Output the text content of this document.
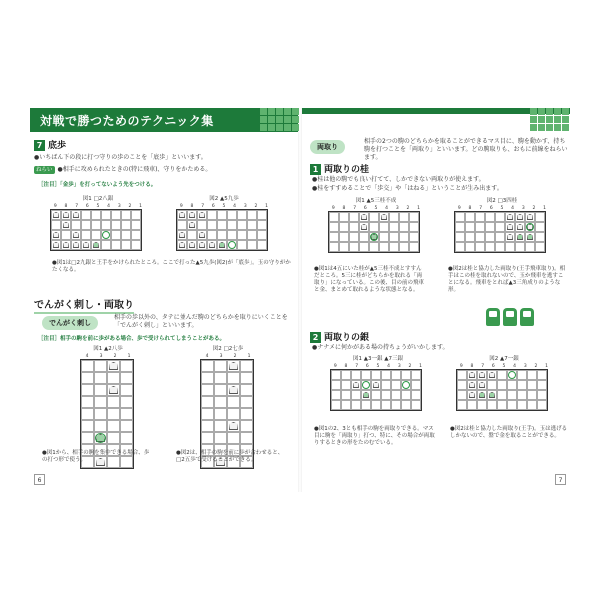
対戦で勝つためのテクニック集
7 底歩
●いちばん下の段に打つ守りの歩のことを「底歩」といいます。
ねらい ●相手に攻められたときの(特に飛車)、守りをかためる。
［注目］「金歩」を打ってないよう先をつける。
図1 □2八銀
9 8 7 6 5 4 3 2 1
図2 ▲5九歩
9 8 7 6 5 4 3 2 1
●図1は□2九銀と王手をかけられたところ。ここで打った▲5九歩(図2)が「底歩」。玉の守りがかたくなる。
でんがく刺し・両取り
でんがく刺し
相手の歩以外の、タテに並んだ駒のどちらかを取りにいくことを「でんがく刺し」といいます。
［注目］相手の駒を前に歩がある場合、歩で受けられてしまうことがある。
図1 ▲2八歩
4 3 2 1
図2 □2七歩
4 3 2 1
●図1から、相手の駒を集中できる場合、歩の打つ形で使う。
●図2は、相手の駒を前に歩が合わせると、□2五歩で受けることができる。
6
相手の2つの駒のどちらかを取ることができるマス目に、駒を動かす、持ち駒を打つことを「両取り」といいます。どの駒取りも、おもに前線をねらいます。
両取り
1 両取りの桂
●桂は他の駒でも良い打てて、しかできない両取りが使えます。
●桂をすすめることで「歩交」や「はねる」ということが生み出ます。
図1 ▲5三桂不成
9 8 7 6 5 4 3 2 1
図2 □3四桂
9 8 7 6 5 4 3 2 1
●図1は4五にいた桂が▲5三桂不成とすすんだところ。5三に桂がどちらかを取れる「両取り」になっている。この後、目の前の飛車と金、まとめて取れるような状態となる。
●図2は桂と協力した両取り(王手飛車取り)。相手はこの桂を取れないので、玉か飛車を逃すことになる。飛車をとれば▲3三角成りのような形。
2 両取りの銀
●ナナメに何かがある場の持ちょうがいかします。
図1 ▲3一銀 ▲7三銀
9 8 7 6 5 4 3 2 1
図2 ▲7一銀
9 8 7 6 5 4 3 2 1
●図1の2、3とも相手の駒を両取りできる。マス目に駒を「両取り」打つ、特に、その場合が両取りするときの形をたのむでいる。
●図2は桂と協力した両取り(王手)。玉は逃げるしかないので、盤で金を取ることができる。
7
